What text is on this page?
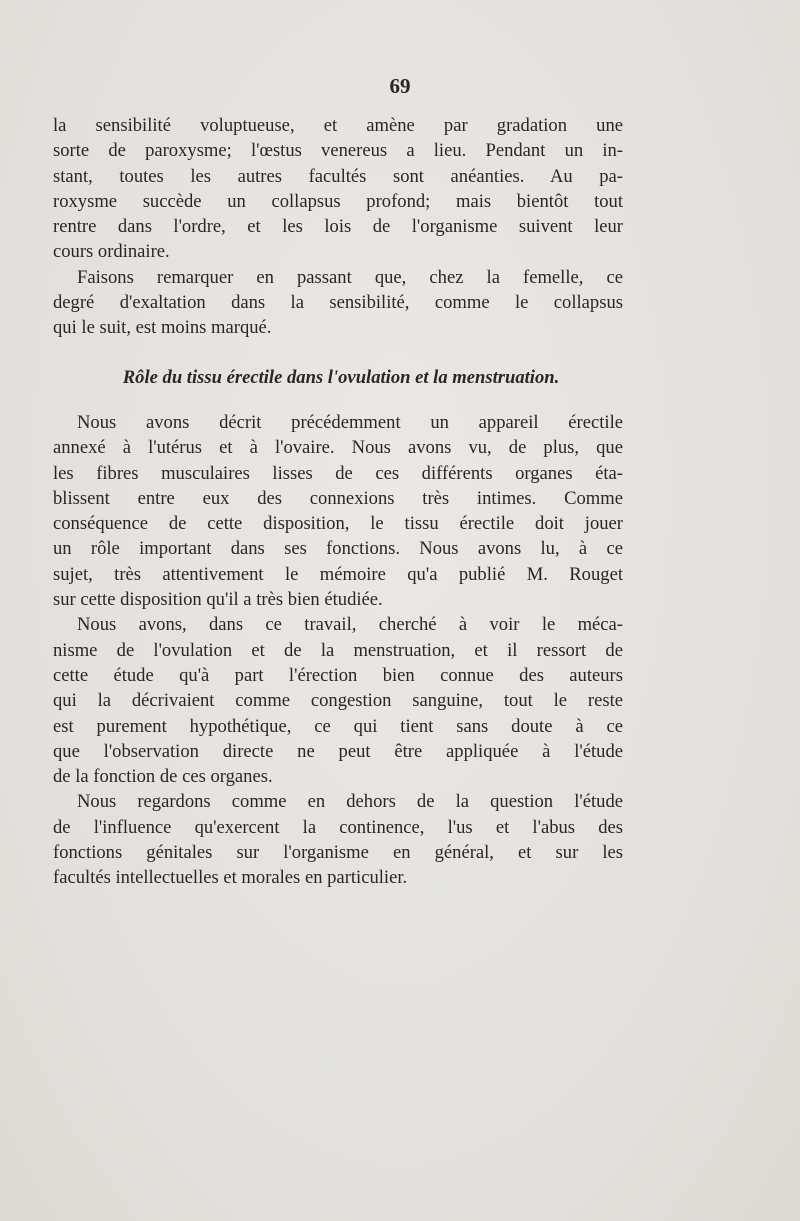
69
la sensibilité voluptueuse, et amène par gradation une
sorte de paroxysme; l'œstus venereus a lieu. Pendant un in-
stant, toutes les autres facultés sont anéanties. Au pa-
roxysme succède un collapsus profond; mais bientôt tout
rentre dans l'ordre, et les lois de l'organisme suivent leur
cours ordinaire.
Faisons remarquer en passant que, chez la femelle, ce
degré d'exaltation dans la sensibilité, comme le collapsus
qui le suit, est moins marqué.
Rôle du tissu érectile dans l'ovulation et la menstruation.
Nous avons décrit précédemment un appareil érectile
annexé à l'utérus et à l'ovaire. Nous avons vu, de plus, que
les fibres musculaires lisses de ces différents organes éta-
blissent entre eux des connexions très intimes. Comme
conséquence de cette disposition, le tissu érectile doit jouer
un rôle important dans ses fonctions. Nous avons lu, à ce
sujet, très attentivement le mémoire qu'a publié M. Rouget
sur cette disposition qu'il a très bien étudiée.
Nous avons, dans ce travail, cherché à voir le méca-
nisme de l'ovulation et de la menstruation, et il ressort de
cette étude qu'à part l'érection bien connue des auteurs
qui la décrivaient comme congestion sanguine, tout le reste
est purement hypothétique, ce qui tient sans doute à ce
que l'observation directe ne peut être appliquée à l'étude
de la fonction de ces organes.
Nous regardons comme en dehors de la question l'étude
de l'influence qu'exercent la continence, l'us et l'abus des
fonctions génitales sur l'organisme en général, et sur les
facultés intellectuelles et morales en particulier.
